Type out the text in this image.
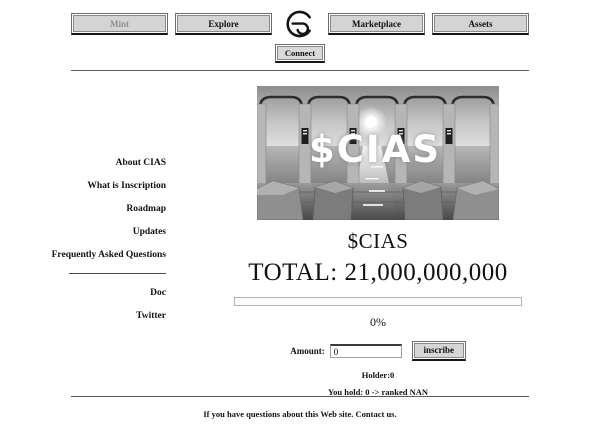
Mint	Explore	Marketplace	Assets
Connect
About CIAS
What is Inscription
Roadmap
Updates
Frequently Asked Questions
Doc
Twitter
$CIAS
$CIAS
TOTAL: 21,000,000,000
0%
Amount:
0	inscribe
Holder:0
You hold: 0 -> ranked NAN
If you have questions about this Web site. Contact us.
